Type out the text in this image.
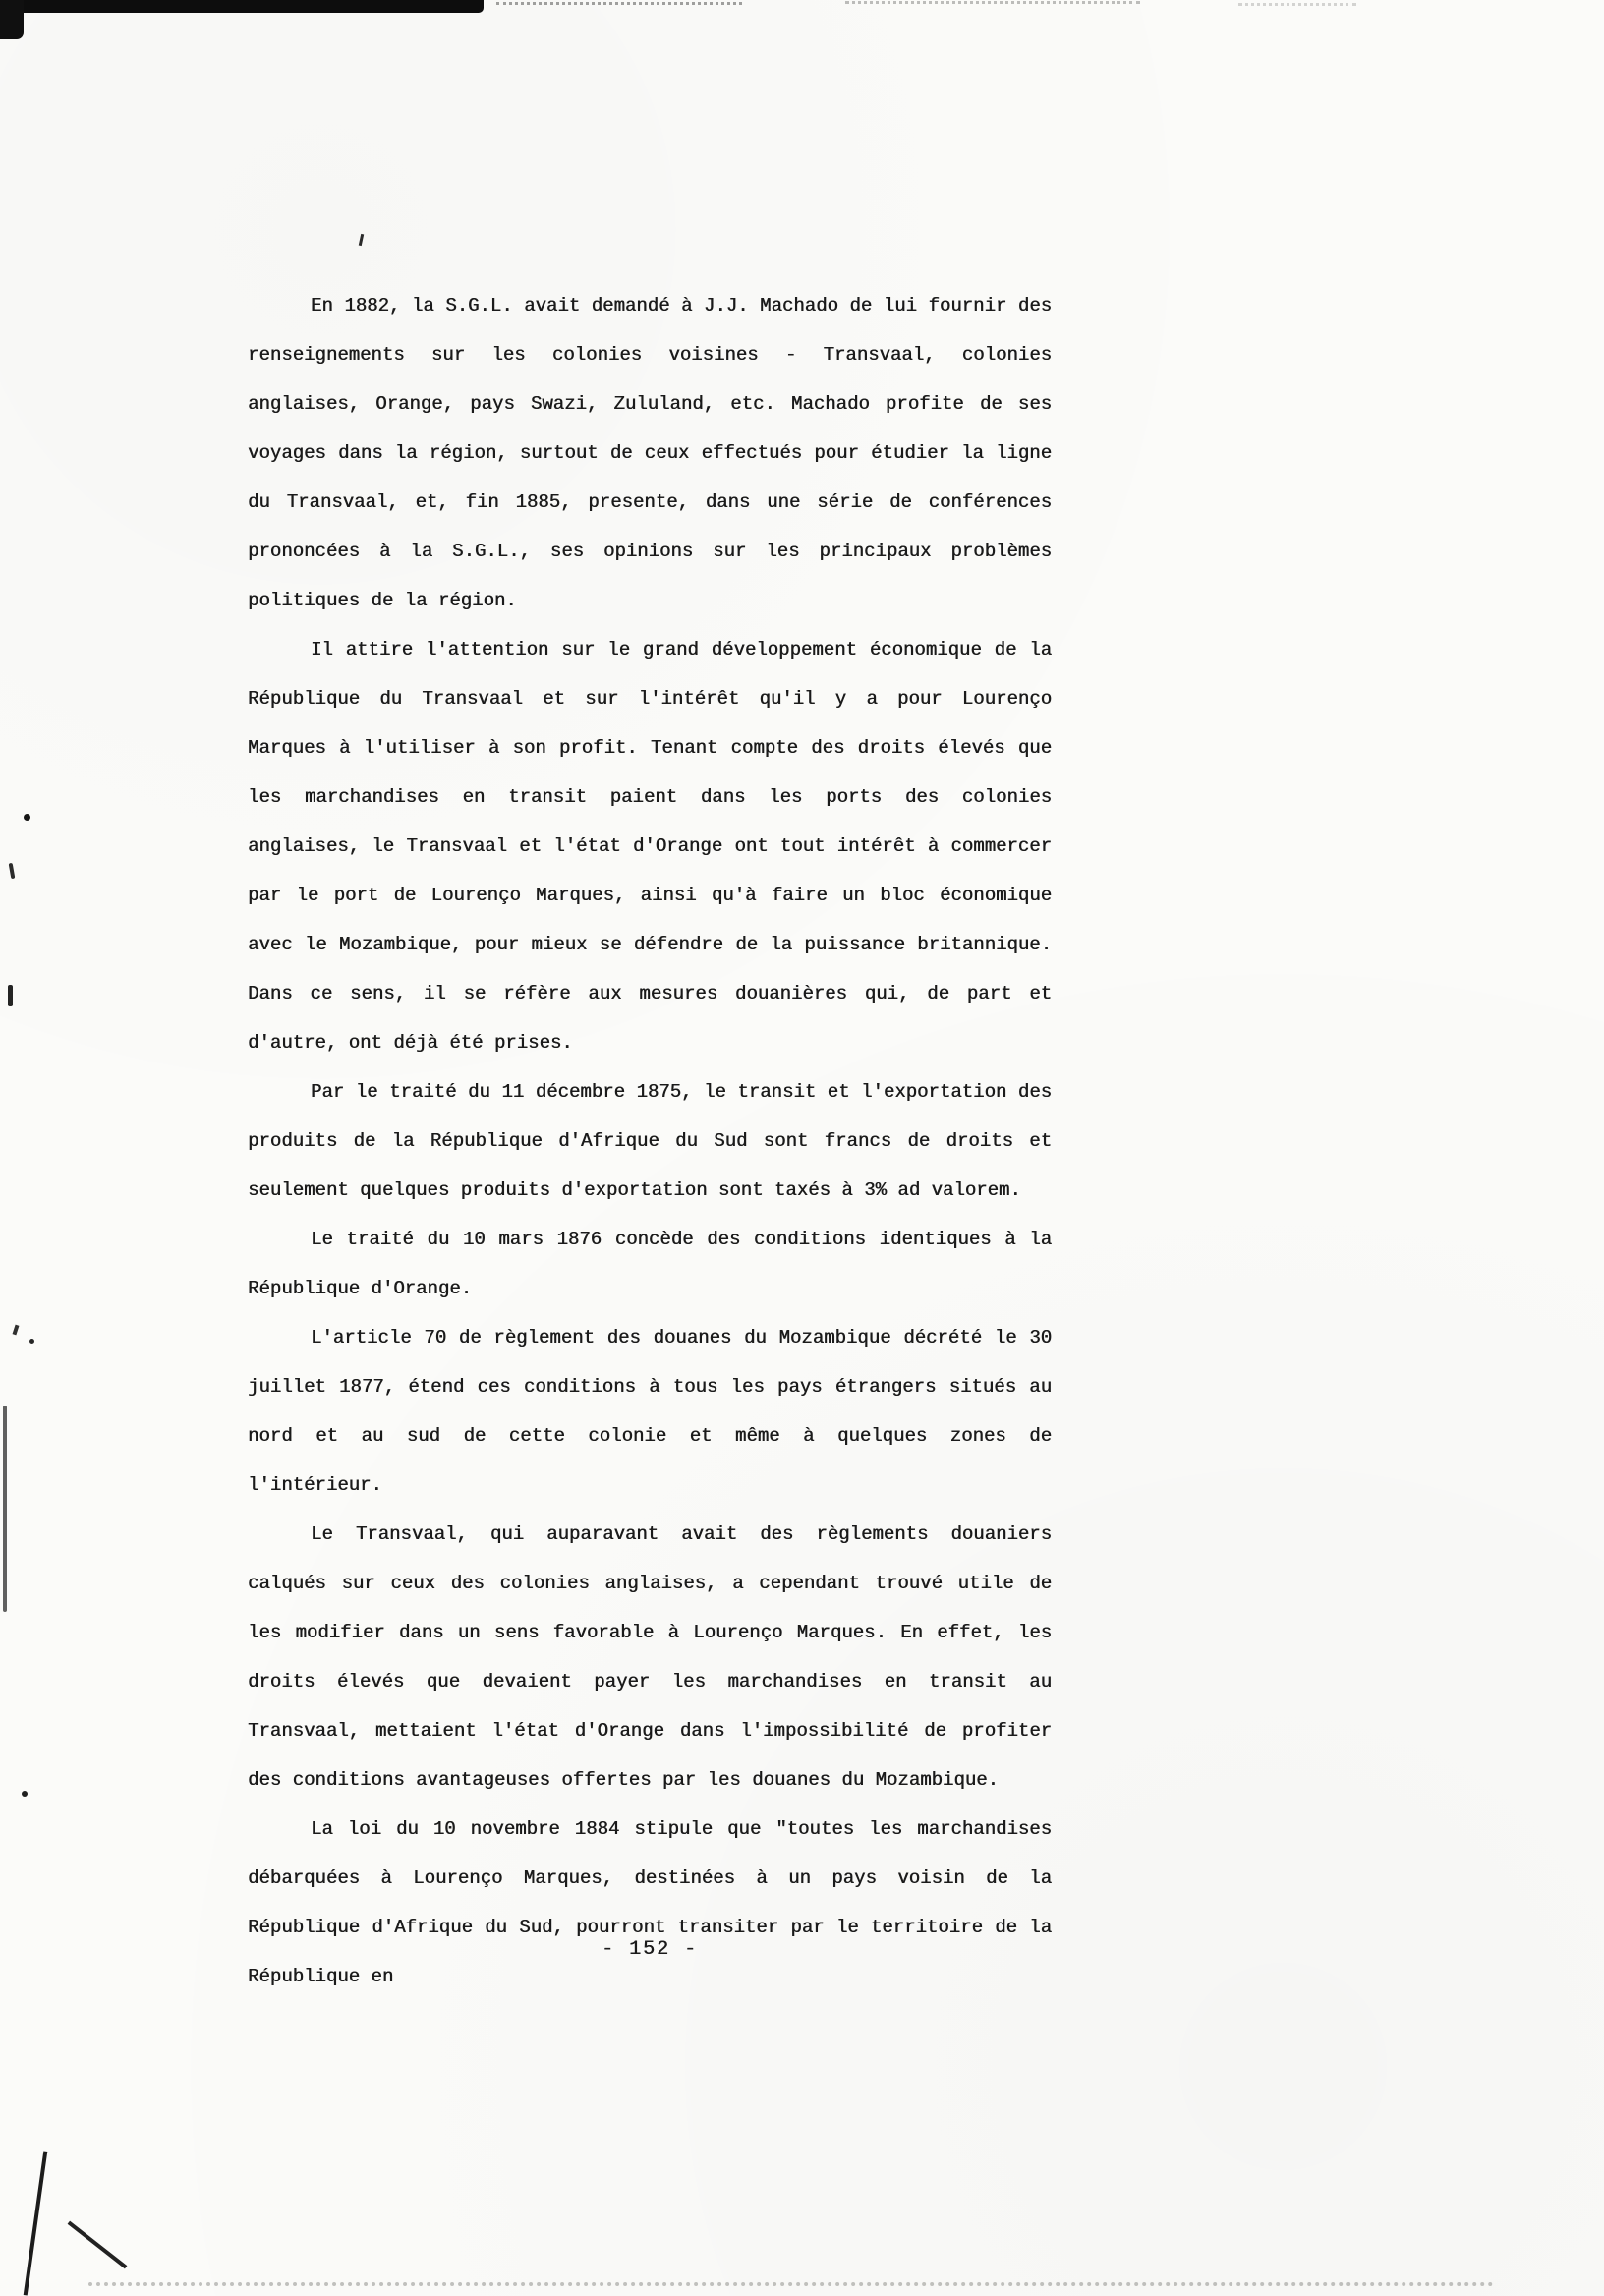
En 1882, la S.G.L. avait demandé à J.J. Machado de lui fournir des renseignements sur les colonies voisines - Transvaal, colonies anglaises, Orange, pays Swazi, Zululand, etc. Machado profite de ses voyages dans la région, surtout de ceux effectués pour étudier la ligne du Transvaal, et, fin 1885, presente, dans une série de conférences prononcées à la S.G.L., ses opinions sur les principaux problèmes politiques de la région.

Il attire l'attention sur le grand développement économique de la République du Transvaal et sur l'intérêt qu'il y a pour Lourenço Marques à l'utiliser à son profit. Tenant compte des droits élevés que les marchandises en transit paient dans les ports des colonies anglaises, le Transvaal et l'état d'Orange ont tout intérêt à commercer par le port de Lourenço Marques, ainsi qu'à faire un bloc économique avec le Mozambique, pour mieux se défendre de la puissance britannique. Dans ce sens, il se réfère aux mesures douanières qui, de part et d'autre, ont déjà été prises.

Par le traité du 11 décembre 1875, le transit et l'exportation des produits de la République d'Afrique du Sud sont francs de droits et seulement quelques produits d'exportation sont taxés à 3% ad valorem.

Le traité du 10 mars 1876 concède des conditions identiques à la République d'Orange.

L'article 70 de règlement des douanes du Mozambique décrété le 30 juillet 1877, étend ces conditions à tous les pays étrangers situés au nord et au sud de cette colonie et même à quelques zones de l'intérieur.

Le Transvaal, qui auparavant avait des règlements douaniers calqués sur ceux des colonies anglaises, a cependant trouvé utile de les modifier dans un sens favorable à Lourenço Marques. En effet, les droits élevés que devaient payer les marchandises en transit au Transvaal, mettaient l'état d'Orange dans l'impossibilité de profiter des conditions avantageuses offertes par les douanes du Mozambique.

La loi du 10 novembre 1884 stipule que "toutes les marchandises débarquées à Lourenço Marques, destinées à un pays voisin de la République d'Afrique du Sud, pourront transiter par le territoire de la République en

- 152 -
